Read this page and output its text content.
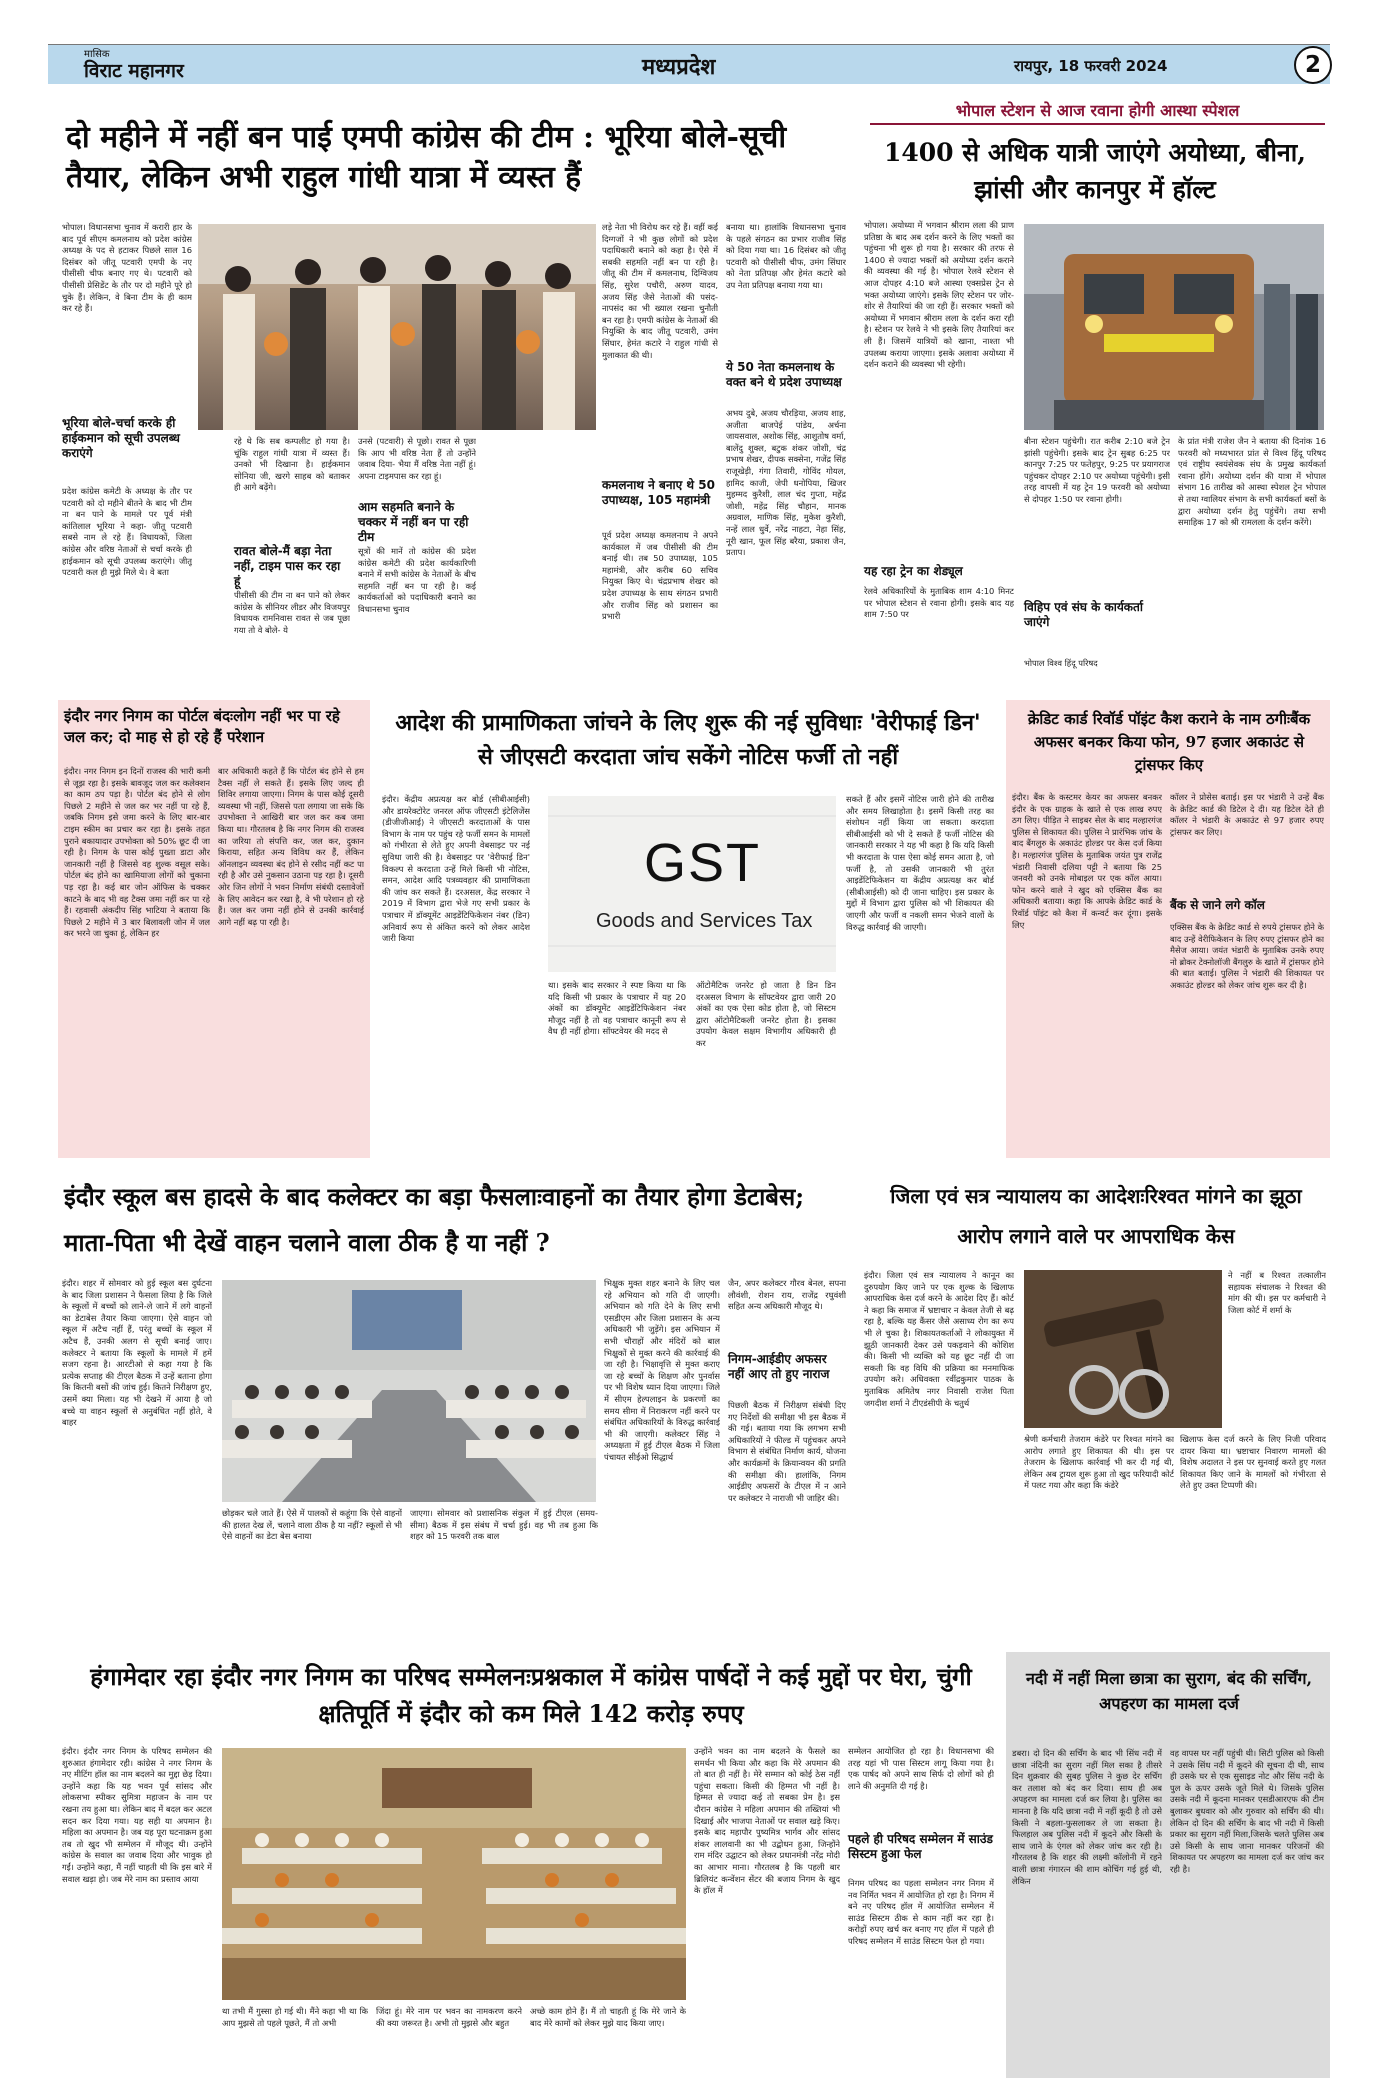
मासिक
विराट महानगर	मध्यप्रदेश	रायपुर, 18 फरवरी 2024	2
दो महीने में नहीं बन पाई एमपी कांग्रेस की टीम : भूरिया बोले-सूची तैयार, लेकिन अभी राहुल गांधी यात्रा में व्यस्त हैं
भोपाल। विधानसभा चुनाव में करारी हार के बाद पूर्व सीएम कमलनाथ को प्रदेश कांग्रेस अध्यक्ष के पद से हटाकर पिछले साल 16 दिसंबर को जीतू पटवारी एमपी के नए पीसीसी चीफ बनाए गए थे। पटवारी को पीसीसी प्रेसिडेंट के तौर पर दो महीने पूरे हो चुके हैं। लेकिन, वे बिना टीम के ही काम कर रहे हैं।
भूरिया बोले-चर्चा करके ही हाईकमान को सूची उपलब्ध कराएंगे
प्रदेश कांग्रेस कमेटी के अध्यक्ष के तौर पर पटवारी को दो महीने बीतने के बाद भी टीम ना बन पाने के मामले पर पूर्व मंत्री कांतिलाल भूरिया ने कहा- जीतू पटवारी सबसे नाम ले रहे हैं। विधायकों, जिला कांग्रेस और वरिष्ठ नेताओं से चर्चा करके ही हाईकमान को सूची उपलब्ध कराएंगे। जीतू पटवारी कल ही मुझे मिले थे। वे बता
रहे थे कि सब कम्पलीट हो गया है। चूंकि राहुल गांधी यात्रा में व्यस्त हैं। उनको भी दिखाना है। हाईकमान सोनिया जी, खरगे साहब को बताकर ही आगे बढ़ेंगे।
रावत बोले-मैं बड़ा नेता नहीं, टाइम पास कर रहा हूं
पीसीसी की टीम ना बन पाने को लेकर कांग्रेस के सीनियर लीडर और विजयपुर विधायक रामनिवास रावत से जब पूछा गया तो वे बोले- ये
उनसे (पटवारी) से पूछो। रावत से पूछा कि आप भी वरिष्ठ नेता हैं तो उन्होंने जवाब दिया- भैया मैं वरिष्ठ नेता नहीं हूं। अपना टाइमपास कर रहा हूं।
आम सहमति बनाने के चक्कर में नहीं बन पा रही टीम
सूत्रों की मानें तो कांग्रेस की प्रदेश कांग्रेस कमेटी की प्रदेश कार्यकारिणी बनाने में सभी कांग्रेस के नेताओं के बीच सहमति नहीं बन पा रही है। कई कार्यकर्ताओं को पदाधिकारी बनाने का विधानसभा चुनाव
लड़े नेता भी विरोध कर रहे हैं। वहीं कई दिग्गजों ने भी कुछ लोगों को प्रदेश पदाधिकारी बनाने को कहा है। ऐसे में सबकी सहमति नहीं बन पा रही है। जीतू की टीम में कमलनाथ, दिग्विजय सिंह, सुरेश पचौरी, अरुण यादव, अजय सिंह जैसे नेताओं की पसंद-नापसंद का भी ख्याल रखना चुनौती बन रहा है। एमपी कांग्रेस के नेताओं की नियुक्ति के बाद जीतू पटवारी, उमंग सिंघार, हेमंत कटारे ने राहुल गांधी से मुलाकात की थी।
कमलनाथ ने बनाए थे 50 उपाध्यक्ष, 105 महामंत्री
पूर्व प्रदेश अध्यक्ष कमलनाथ ने अपने कार्यकाल में जब पीसीसी की टीम बनाई थी। तब 50 उपाध्यक्ष, 105 महामंत्री, और करीब 60 सचिव नियुक्त किए थे। चंद्रप्रभाष शेखर को प्रदेश उपाध्यक्ष के साथ संगठन प्रभारी और राजीव सिंह को प्रशासन का प्रभारी
बनाया था। हालांकि विधानसभा चुनाव के पहले संगठन का प्रभार राजीव सिंह को दिया गया था। 16 दिसंबर को जीतू पटवारी को पीसीसी चीफ, उमंग सिंघार को नेता प्रतिपक्ष और हेमंत कटारे को उप नेता प्रतिपक्ष बनाया गया था।
ये 50 नेता कमलनाथ के वक्त बने थे प्रदेश उपाध्यक्ष
अभय दुबे, अजय चौरड़िया, अजय शाह, अजीता बाजपेई पांडेय, अर्चना जायसवाल, अशोक सिंह, आशुतोष वर्मा, बालेंदु शुक्ल, बटुक शंकर जोशी, चंद्र प्रभाष शेखर, दीपक सक्सेना, गजेंद्र सिंह राजूखेड़ी, गंगा तिवारी, गोविंद गोयल, हामिद काजी, जेपी धनोपिया, खिजर मुहम्मद कुरैशी, लाल चंद गुप्ता, महेंद्र जोशी, महेंद्र सिंह चौहान, मानक अग्रवाल, माणिक सिंह, मुकेश कुरैशी, नन्हें लाल धुर्वे, नरेंद्र नाहटा, नेहा सिंह, नूरी खान, फूल सिंह बरैया, प्रकाश जैन, प्रताप।
भोपाल स्टेशन से आज रवाना होगी आस्था स्पेशल
1400 से अधिक यात्री जाएंगे अयोध्या, बीना, झांसी और कानपुर में हॉल्ट
भोपाल। अयोध्या में भगवान श्रीराम लला की प्राण प्रतिष्ठा के बाद अब दर्शन करने के लिए भक्तों का पहुंचना भी शुरू हो गया है। सरकार की तरफ से 1400 से ज्यादा भक्तों को अयोध्या दर्शन कराने की व्यवस्था की गई है। भोपाल रेलवे स्टेशन से आज दोपहर 4:10 बजे आस्था एक्सप्रेस ट्रेन से भक्त अयोध्या जाएंगे। इसके लिए स्टेशन पर जोर-शोर से तैयारियां की जा रही हैं। सरकार भक्तों को अयोध्या में भगवान श्रीराम लला के दर्शन करा रही है। स्टेशन पर रेलवे ने भी इसके लिए तैयारियां कर ली हैं। जिसमें यात्रियों को खाना, नाश्ता भी उपलब्ध कराया जाएगा। इसके अलावा अयोध्या में दर्शन कराने की व्यवस्था भी रहेगी।
यह रहा ट्रेन का शेड्यूल
रेलवे अधिकारियों के मुताबिक शाम 4:10 मिनट पर भोपाल स्टेशन से रवाना होगी। इसके बाद यह शाम 7:50 पर
बीना स्टेशन पहुंचेगी। रात करीब 2:10 बजे ट्रेन झांसी पहुंचेगी। इसके बाद ट्रेन सुबह 6:25 पर कानपुर 7:25 पर फतेहपुर, 9:25 पर प्रयागराज पहुंचकर दोपहर 2:10 पर अयोध्या पहुंचेगी। इसी तरह वापसी में यह ट्रेन 19 फरवरी को अयोध्या से दोपहर 1:50 पर रवाना होगी।
विहिप एवं संघ के कार्यकर्ता जाएंगे
भोपाल विश्व हिंदू परिषद
के प्रांत मंत्री राजेश जैन ने बताया की दिनांक 16 फरवरी को मध्यभारत प्रांत से विश्व हिंदू परिषद एवं राष्ट्रीय स्वयंसेवक संघ के प्रमुख कार्यकर्ता रवाना होंगे। अयोध्या दर्शन की यात्रा में भोपाल संभाग 16 तारीख को आस्था स्पेशल ट्रेन भोपाल से तथा ग्वालियर संभाग के सभी कार्यकर्ता बसों के द्वारा अयोध्या दर्शन हेतु पहुंचेंगे। तथा सभी समाहिक 17 को श्री रामलला के दर्शन करेंगे।
इंदौर नगर निगम का पोर्टल बंदःलोग नहीं भर पा रहे जल कर; दो माह से हो रहे हैं परेशान
इंदौर। नगर निगम इन दिनों राजस्व की भारी कमी से जूझ रहा है। इसके बावजूद जल कर कलेक्शन का काम ठप पड़ा है। पोर्टल बंद होने से लोग पिछले 2 महीने से जल कर भर नहीं पा रहे हैं, जबकि निगम इसे जमा करने के लिए बार-बार टाइम स्कीम का प्रचार कर रहा है। इसके तहत पुराने बकायादार उपभोक्ता को 50% छूट दी जा रही है। निगम के पास कोई पुख्ता डाटा और जानकारी नहीं है जिससे वह शुल्क वसूल सके। पोर्टल बंद होने का खामियाजा लोगों को चुकाना पड़ रहा है। कई बार जोन ऑफिस के चक्कर काटने के बाद भी वह टैक्स जमा नहीं कर पा रहे हैं। रहवासी अंकदीप सिंह भाटिया ने बताया कि पिछले 2 महीने में 3 बार बिलावली जोन में जल कर भरने जा चुका हूं, लेकिन हर
बार अधिकारी कहते हैं कि पोर्टल बंद होने से हम टैक्स नहीं ले सकते हैं। इसके लिए जल्द ही शिविर लगाया जाएगा। निगम के पास कोई दूसरी व्यवस्था भी नहीं, जिससे पता लगाया जा सके कि उपभोक्ता ने आखिरी बार जल कर कब जमा किया था। गौरतलब है कि नगर निगम की राजस्व का जरिया तो संपत्ति कर, जल कर, दुकान किराया, सहित अन्य विविध कर हैं, लेकिन ऑनलाइन व्यवस्था बंद होने से रसीद नहीं कट पा रही है और उसे नुकसान उठाना पड़ रहा है। दूसरी ओर जिन लोगों ने भवन निर्माण संबंधी दस्तावेजों के लिए आवेदन कर रखा है, वे भी परेशान हो रहे हैं। जल कर जमा नहीं होने से उनकी कार्रवाई आगे नहीं बढ़ पा रही है।
आदेश की प्रामाणिकता जांचने के लिए शुरू की नई सुविधाः 'वेरीफाई डिन' से जीएसटी करदाता जांच सकेंगे नोटिस फर्जी तो नहीं
इंदौर। केंद्रीय अप्रत्यक्ष कर बोर्ड (सीबीआईसी) और डायरेक्टोरेट जनरल ऑफ जीएसटी इंटेलिजेंस (डीजीजीआई) ने जीएसटी करदाताओं के पास विभाग के नाम पर पहुंच रहे फर्जी समन के मामलों को गंभीरता से लेते हुए अपनी वेबसाइट पर नई सुविधा जारी की है। वेबसाइट पर 'वेरीफाई डिन' विकल्प से करदाता उन्हें मिले किसी भी नोटिस, समन, आदेश आदि पत्रव्यवहार की प्रामाणिकता की जांच कर सकते हैं। दरअसल, केंद्र सरकार ने 2019 में विभाग द्वारा भेजे गए सभी प्रकार के पत्राचार में डॉक्यूमेंट आइडेंटिफिकेशन नंबर (डिन) अनिवार्य रूप से अंकित करने को लेकर आदेश जारी किया
GST
Goods and Services Tax
था। इसके बाद सरकार ने स्पष्ट किया था कि यदि किसी भी प्रकार के पत्राचार में यह 20 अंकों का डॉक्यूमेंट आइडेंटिफिकेशन नंबर मौजूद नहीं है तो वह पत्राचार कानूनी रूप से वैध ही नहीं होगा। सॉफ्टवेयर की मदद से
ऑटोमैटिक जनरेट हो जाता है डिन डिन दरअसल विभाग के सॉफ्टवेयर द्वारा जारी 20 अंकों का एक ऐसा कोड होता है, जो सिस्टम द्वारा ऑटोमैटिकली जनरेट होता है। इसका उपयोग केवल सक्षम विभागीय अधिकारी ही कर
सकते हैं और इसमें नोटिस जारी होने की तारीख और समय लिखाहोता है। इसमें किसी तरह का संशोधन नहीं किया जा सकता। करदाता सीबीआईसी को भी दे सकते हैं फर्जी नोटिस की जानकारी सरकार ने यह भी कहा है कि यदि किसी भी करदाता के पास ऐसा कोई समन आता है, जो फर्जी है, तो उसकी जानकारी भी तुरंत आइडेंटिफिकेशन या केंद्रीय अप्रत्यक्ष कर बोर्ड (सीबीआईसी) को दी जाना चाहिए। इस प्रकार के मुद्दों में विभाग द्वारा पुलिस को भी शिकायत की जाएगी और फर्जी व नकली समन भेजने वालों के विरुद्ध कार्रवाई की जाएगी।
क्रेडिट कार्ड रिवॉर्ड पॉइंट कैश कराने के नाम ठगीःबैंक अफसर बनकर किया फोन, 97 हजार अकाउंट से ट्रांसफर किए
इंदौर। बैंक के कस्टमर केयर का अफसर बनकर इंदौर के एक ग्राहक के खाते से एक लाख रुपए ठग लिए। पीड़ित ने साइबर सेल के बाद मल्हारगंज पुलिस से शिकायत की। पुलिस ने प्रारंभिक जांच के बाद बैंगलुरु के अकाउंट होल्डर पर केस दर्ज किया है। मल्हारगंज पुलिस के मुताबिक जयंत पुत्र राजेंद्र भंडारी निवासी दलिया पट्टी ने बताया कि 25 जनवरी को उनके मोबाइल पर एक कॉल आया। फोन करने वाले ने खुद को एक्सिस बैंक का अधिकारी बताया। कहा कि आपके क्रेडिट कार्ड के रिवॉर्ड पॉइंट को कैश में कन्वर्ट कर दूंगा। इसके लिए
कॉलर ने प्रोसेस बताई। इस पर भंडारी ने उन्हें बैंक के क्रेडिट कार्ड की डिटेल दे दी। यह डिटेल देते ही कॉलर ने भंडारी के अकाउंट से 97 हजार रुपए ट्रांसफर कर लिए।
बैंक से जाने लगे कॉल
एक्सिस बैंक के क्रेडिट कार्ड से रुपये ट्रांसफर होने के बाद उन्हें वेरीफिकेशन के लिए रुपए ट्रांसफर होने का मैसेज आया। जयंत भंडारी के मुताबिक उनके रुपए नो ब्रोकर टेक्नोलॉजी बैंगलुरु के खाते में ट्रांसफर होने की बात बताई। पुलिस ने भंडारी की शिकायत पर अकाउंट होल्डर को लेकर जांच शुरू कर दी है।
इंदौर स्कूल बस हादसे के बाद कलेक्टर का बड़ा फैसलाःवाहनों का तैयार होगा डेटाबेस; माता-पिता भी देखें वाहन चलाने वाला ठीक है या नहीं ?
इंदौर। शहर में सोमवार को हुई स्कूल बस दुर्घटना के बाद जिला प्रशासन ने फैसला लिया है कि जिले के स्कूलों में बच्चों को लाने-ले जाने में लगे वाहनों का डेटाबेस तैयार किया जाएगा। ऐसे वाहन जो स्कूल में अटैच नहीं हैं, परंतु बच्चों के स्कूल में अटैच हैं, उनकी अलग से सूची बनाई जाए। कलेक्टर ने बताया कि स्कूलों के मामले में हमें सजग रहना है। आरटीओ से कहा गया है कि प्रत्येक सप्ताह की टीएल बैठक में उन्हें बताना होगा कि कितनी बसों की जांच हुई। कितने निरीक्षण हुए, उसमें क्या मिला। यह भी देखने में आया है जो बच्चे या वाहन स्कूलों से अनुबंधित नहीं होते, वे बाहर
छोड़कर चले जाते हैं। ऐसे में पालकों से कहूंगा कि ऐसे वाहनों की हालत देख लें, चलाने वाला ठीक है या नहीं? स्कूलों से भी ऐसे वाहनों का डेटा बेस बनाया
जाएगा। सोमवार को प्रशासनिक संकुल में हुई टीएल (समय-सीमा) बैठक में इस संबंध में चर्चा हुई। वह भी तब हुआ कि शहर को 15 फरवरी तक बाल
भिक्षुक मुक्त शहर बनाने के लिए चल रहे अभियान को गति दी जाएगी। अभियान को गति देने के लिए सभी एसडीएम और जिला प्रशासन के अन्य अधिकारी भी जुड़ेंगे। इस अभियान में सभी चौराहों और मंदिरों को बाल भिक्षुकों से मुक्त करने की कार्रवाई की जा रही है। भिक्षावृत्ति से मुक्त कराए जा रहे बच्चों के शिक्षण और पुनर्वास पर भी विशेष ध्यान दिया जाएगा। जिले में सीएम हेल्पलाइन के प्रकरणों का समय सीमा में निराकरण नहीं करने पर संबंधित अधिकारियों के विरुद्ध कार्रवाई भी की जाएगी। कलेक्टर सिंह ने अध्यक्षता में हुई टीएल बैठक में जिला पंचायत सीईओ सिद्धार्थ
जैन, अपर कलेक्टर गौरव बेनल, सपना लौवंशी, रोशन राय, राजेंद्र रघुवंशी सहित अन्य अधिकारी मौजूद थे।
निगम-आईडीए अफसर नहीं आए तो हुए नाराज
पिछली बैठक में निरीक्षण संबंधी दिए गए निर्देशों की समीक्षा भी इस बैठक में की गई। बताया गया कि लगभग सभी अधिकारियों ने फील्ड में पहुंचकर अपने विभाग से संबंधित निर्माण कार्य, योजना और कार्यक्रमों के क्रियान्वयन की प्रगति की समीक्षा की। हालांकि, निगम आईडीए अफसरों के टीएल में न आने पर कलेक्टर ने नाराजी भी जाहिर की।
जिला एवं सत्र न्यायालय का आदेशःरिश्वत मांगने का झूठा आरोप लगाने वाले पर आपराधिक केस
इंदौर। जिला एवं सत्र न्यायालय ने कानून का दुरुपयोग किए जाने पर एक शुल्क के खिलाफ आपराधिक केस दर्ज करने के आदेश दिए हैं। कोर्ट ने कहा कि समाज में भ्रष्टाचार न केवल तेजी से बढ़ रहा है, बल्कि यह कैंसर जैसे असाध्य रोग का रूप भी ले चुका है। शिकायतकर्ताओं ने लोकायुक्त में झूठी जानकारी देकर उसे पकड़वाने की कोशिश की। किसी भी व्यक्ति को यह छूट नहीं दी जा सकती कि वह विधि की प्रक्रिया का मनमाफिक उपयोग करे। अधिवक्ता रवींद्रकुमार पाठक के मुताबिक अमितेष नगर निवासी राजेश पिता जगदीश शर्मा ने टीएडंसीपी के चतुर्थ
श्रेणी कर्मचारी तेजराम कंडेरे पर रिश्वत मांगने का आरोप लगाते हुए शिकायत की थी। इस पर तेजराम के खिलाफ कार्रवाई भी कर दी गई थी, लेकिन अब ट्रायल शुरू हुआ तो खुद फरियादी कोर्ट में पलट गया और कहा कि कंडेरे
ने नहीं ब रिश्वत तत्कालीन सहायक संचालक ने रिश्वत की मांग की थी। इस पर कर्मचारी ने जिला कोर्ट में शर्मा के
खिलाफ केस दर्ज करने के लिए निजी परिवाद दायर किया था। भ्रष्टाचार निवारण मामलों की विशेष अदालत ने इस पर सुनवाई करते हुए गलत शिकायत किए जाने के मामलों को गंभीरता से लेते हुए उक्त टिप्पणी की।
हंगामेदार रहा इंदौर नगर निगम का परिषद सम्मेलनःप्रश्नकाल में कांग्रेस पार्षदों ने कई मुद्दों पर घेरा, चुंगी क्षतिपूर्ति में इंदौर को कम मिले 142 करोड़ रुपए
इंदौर। इंदौर नगर निगम के परिषद सम्मेलन की शुरुआत हंगामेदार रही। कांग्रेस ने नगर निगम के नए मीटिंग हॉल का नाम बदलने का मुद्दा छेड़ दिया। उन्होंने कहा कि यह भवन पूर्व सांसद और लोकसभा स्पीकर सुमित्रा महाजन के नाम पर रखना तय हुआ था। लेकिन बाद में बदल कर अटल सदन कर दिया गया। यह सही या अपमान है। महिला का अपमान है। जब यह पूरा घटनाक्रम हुआ तब तो खुद भी सम्मेलन में मौजूद थी। उन्होंने कांग्रेस के सवाल का जवाब दिया और भावुक हो गईं। उन्होंने कहा, मैं नहीं चाहती थी कि इस बारे में सवाल खड़ा हो। जब मेरे नाम का प्रस्ताव आया
था तभी मैं गुस्सा हो गई थी। मैंने कहा भी था कि आप मुझसे तो पहले पूछते, मैं तो अभी
जिंदा हूं। मेरे नाम पर भवन का नामकरण करने की क्या जरूरत है। अभी तो मुझसे और बहुत
अच्छे काम होने हैं। मैं तो चाहती हूं कि मेरे जाने के बाद मेरे कामों को लेकर मुझे याद किया जाए।
उन्होंने भवन का नाम बदलने के फैसले का समर्थन भी किया और कहा कि मेरे अपमान की तो बात ही नहीं है। मेरे सम्मान को कोई ठेस नहीं पहुंचा सकता। किसी की हिम्मत भी नहीं है। हिम्मत से ज्यादा कई तो सबका प्रेम है। इस दौरान कांग्रेस ने महिला अपमान की तख्तियां भी दिखाई और भाजपा नेताओं पर सवाल खड़े किए। इसके बाद महापौर पुष्यमित्र भार्गव और सांसद शंकर लालवानी का भी उद्बोधन हुआ, जिन्होंने राम मंदिर उद्घाटन को लेकर प्रधानमंत्री नरेंद्र मोदी का आभार माना। गौरतलब है कि पहली बार ब्रिलियंट कन्वेंशन सेंटर की बजाय निगम के खुद के हॉल में
सम्मेलन आयोजित हो रहा है। विधानसभा की तरह यहां भी पास सिस्टम लागू किया गया है। एक पार्षद को अपने साथ सिर्फ दो लोगों को ही लाने की अनुमति दी गई है।
पहले ही परिषद सम्मेलन में साउंड सिस्टम हुआ फेल
निगम परिषद का पहला सम्मेलन नगर निगम में नव निर्मित भवन में आयोजित हो रहा है। निगम में बने नए परिषद हॉल में आयोजित सम्मेलन में साउंड सिस्टम ठीक से काम नहीं कर रहा है। करोड़ों रुपए खर्च कर बनाए गए हॉल में पहले ही परिषद सम्मेलन में साउंड सिस्टम फेल हो गया।
नदी में नहीं मिला छात्रा का सुराग, बंद की सर्चिंग, अपहरण का मामला दर्ज
डबरा। दो दिन की सर्चिंग के बाद भी सिंध नदी में छात्रा नंदिनी का सुराग नहीं मिल सका है तीसरे दिन शुक्रवार की सुबह पुलिस ने कुछ देर सर्चिंग कर तलाश को बंद कर दिया। साथ ही अब अपहरण का मामला दर्ज कर लिया है। पुलिस का मानना है कि यदि छात्रा नदी में नहीं कूदी है तो उसे किसी ने बहला-फुसलाकर ले जा सकता है। फिलहाल अब पुलिस नदी में कूदने और किसी के साथ जाने के एंगल को लेकर जांच कर रही है। गौरतलब है कि शहर की लक्ष्मी कॉलोनी में रहने वाली छात्रा गंगारत्न की शाम कोचिंग गई हुई थी, लेकिन
वह वापस घर नहीं पहुंची थी। सिटी पुलिस को किसी ने उसके सिंध नदी में कूदने की सूचना दी थी, साथ ही उसके घर से एक सुसाइड नोट और सिंध नदी के पुल के ऊपर उसके जूते मिले थे। जिसके पुलिस उसके नदी में कूदना मानकर एसडीआरएफ की टीम बुलाकर बुधवार को और गुरुवार को सर्चिंग की थी। लेकिन दो दिन की सर्चिंग के बाद भी नदी में किसी प्रकार का सुराग नहीं मिला,जिसके चलते पुलिस अब उसे किसी के साथ जाना मानकर परिजनों की शिकायत पर अपहरण का मामला दर्ज कर जांच कर रही है।
